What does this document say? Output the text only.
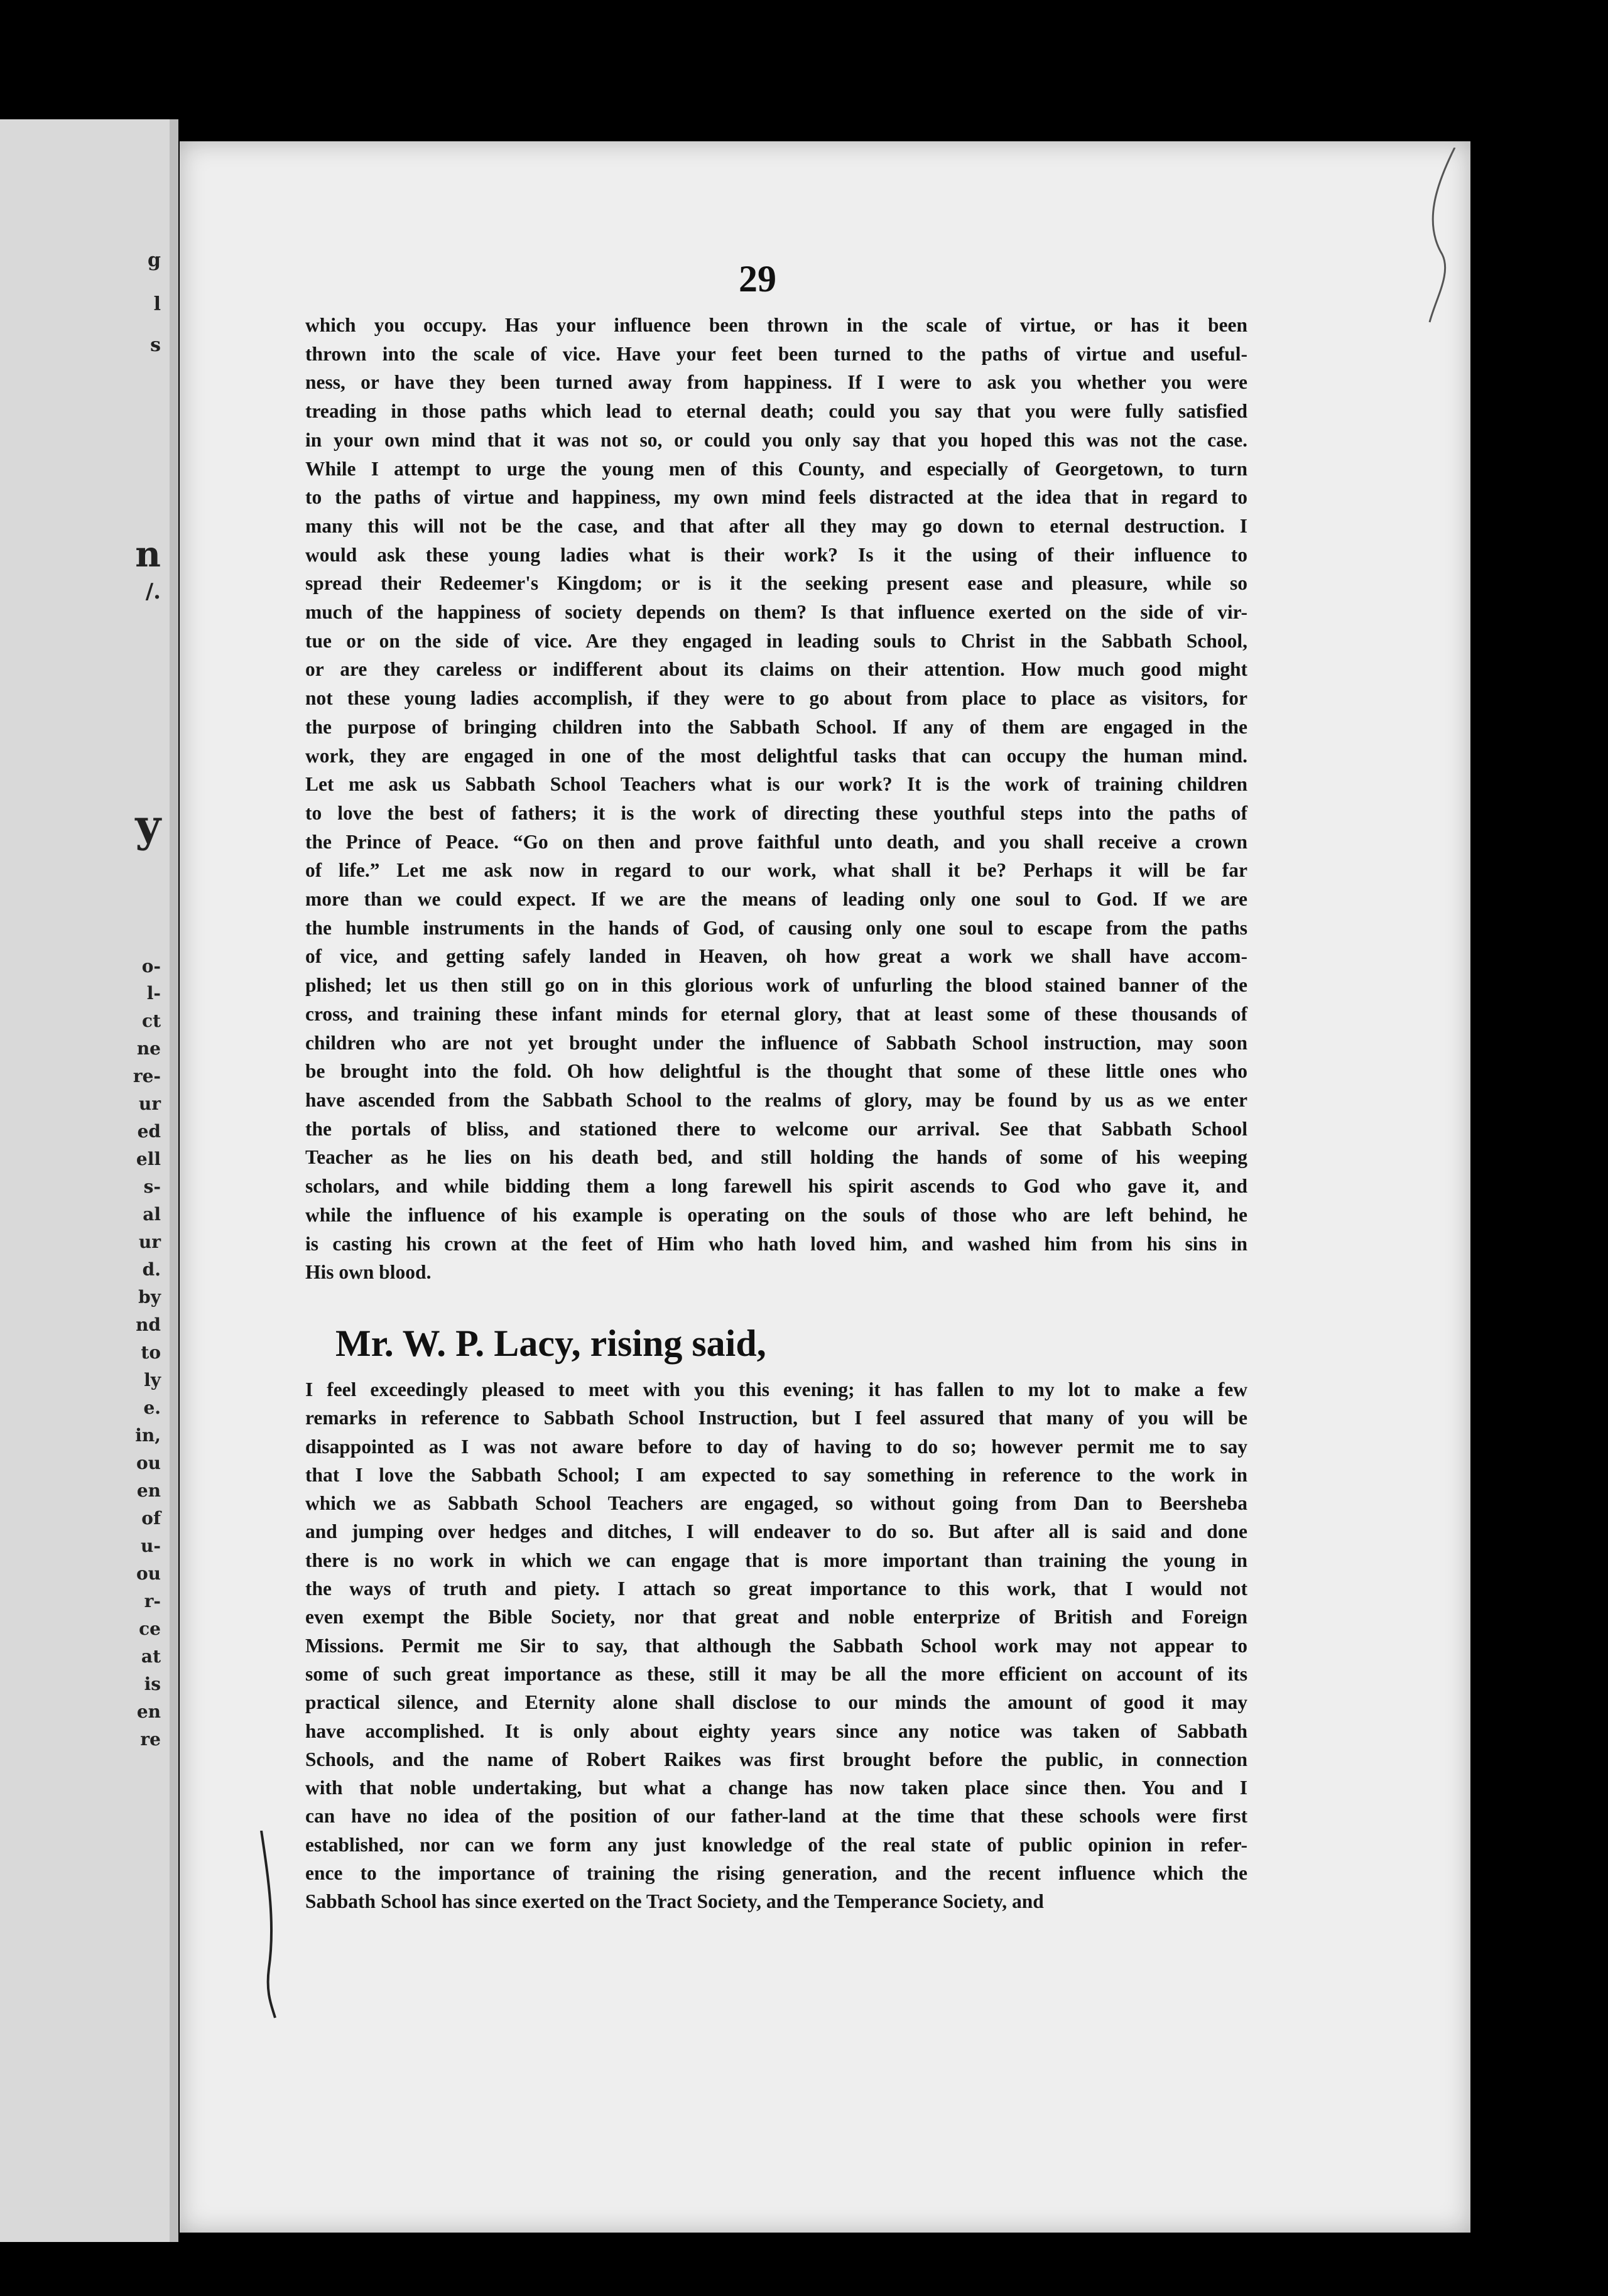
g
l
s
n
/.
y
o-
l-
ct
ne
re-
ur
ed
ell
s-
al
ur
d.
by
nd
to
ly
e.
in,
ou
en
of
u-
ou
r-
ce
at
is
en
re
29
which you occupy. Has your influence been thrown in the scale of virtue, or has it been
thrown into the scale of vice. Have your feet been turned to the paths of virtue and useful-
ness, or have they been turned away from happiness. If I were to ask you whether you were
treading in those paths which lead to eternal death; could you say that you were fully satisfied
in your own mind that it was not so, or could you only say that you hoped this was not the case.
While I attempt to urge the young men of this County, and especially of Georgetown, to turn
to the paths of virtue and happiness, my own mind feels distracted at the idea that in regard to
many this will not be the case, and that after all they may go down to eternal destruction. I
would ask these young ladies what is their work? Is it the using of their influence to
spread their Redeemer's Kingdom; or is it the seeking present ease and pleasure, while so
much of the happiness of society depends on them? Is that influence exerted on the side of vir-
tue or on the side of vice. Are they engaged in leading souls to Christ in the Sabbath School,
or are they careless or indifferent about its claims on their attention. How much good might
not these young ladies accomplish, if they were to go about from place to place as visitors, for
the purpose of bringing children into the Sabbath School. If any of them are engaged in the
work, they are engaged in one of the most delightful tasks that can occupy the human mind.
Let me ask us Sabbath School Teachers what is our work? It is the work of training children
to love the best of fathers; it is the work of directing these youthful steps into the paths of
the Prince of Peace. “Go on then and prove faithful unto death, and you shall receive a crown
of life.” Let me ask now in regard to our work, what shall it be? Perhaps it will be far
more than we could expect. If we are the means of leading only one soul to God. If we are
the humble instruments in the hands of God, of causing only one soul to escape from the paths
of vice, and getting safely landed in Heaven, oh how great a work we shall have accom-
plished; let us then still go on in this glorious work of unfurling the blood stained banner of the
cross, and training these infant minds for eternal glory, that at least some of these thousands of
children who are not yet brought under the influence of Sabbath School instruction, may soon
be brought into the fold. Oh how delightful is the thought that some of these little ones who
have ascended from the Sabbath School to the realms of glory, may be found by us as we enter
the portals of bliss, and stationed there to welcome our arrival. See that Sabbath School
Teacher as he lies on his death bed, and still holding the hands of some of his weeping
scholars, and while bidding them a long farewell his spirit ascends to God who gave it, and
while the influence of his example is operating on the souls of those who are left behind, he
is casting his crown at the feet of Him who hath loved him, and washed him from his sins in
His own blood.
Mr. W. P. Lacy, rising said,
I feel exceedingly pleased to meet with you this evening; it has fallen to my lot to make a few
remarks in reference to Sabbath School Instruction, but I feel assured that many of you will be
disappointed as I was not aware before to day of having to do so; however permit me to say
that I love the Sabbath School; I am expected to say something in reference to the work in
which we as Sabbath School Teachers are engaged, so without going from Dan to Beersheba
and jumping over hedges and ditches, I will endeaver to do so. But after all is said and done
there is no work in which we can engage that is more important than training the young in
the ways of truth and piety. I attach so great importance to this work, that I would not
even exempt the Bible Society, nor that great and noble enterprize of British and Foreign
Missions. Permit me Sir to say, that although the Sabbath School work may not appear to
some of such great importance as these, still it may be all the more efficient on account of its
practical silence, and Eternity alone shall disclose to our minds the amount of good it may
have accomplished. It is only about eighty years since any notice was taken of Sabbath
Schools, and the name of Robert Raikes was first brought before the public, in connection
with that noble undertaking, but what a change has now taken place since then. You and I
can have no idea of the position of our father-land at the time that these schools were first
established, nor can we form any just knowledge of the real state of public opinion in refer-
ence to the importance of training the rising generation, and the recent influence which the
Sabbath School has since exerted on the Tract Society, and the Temperance Society, and
